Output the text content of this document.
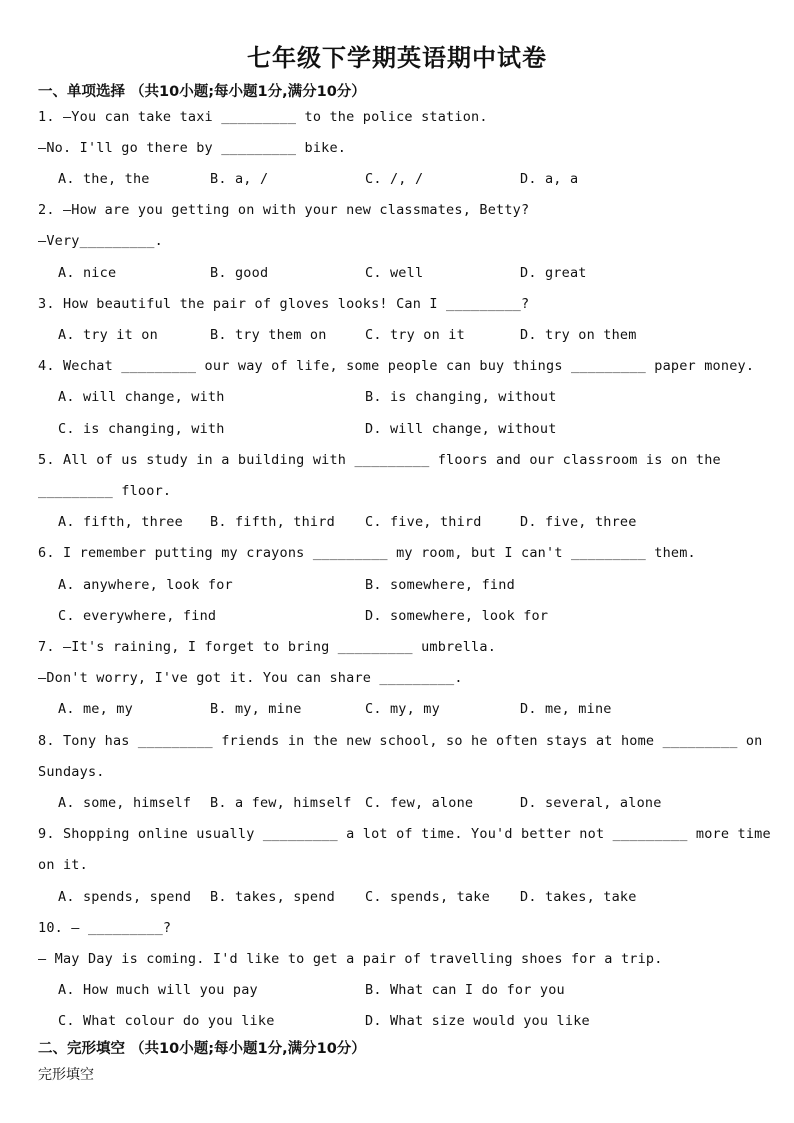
七年级下学期英语期中试卷
一、单项选择 （共10小题;每小题1分,满分10分）
1. —You can take taxi _________ to the police station.
—No. I'll go there by _________ bike.
A. the, the	B. a, /	C. /, /	D. a, a
2. —How are you getting on with your new classmates, Betty?
—Very_________.
A. nice	B. good	C. well	D. great
3. How beautiful the pair of gloves looks! Can I _________?
A. try it on	B. try them on	C. try on it	D. try on them
4. Wechat _________ our way of life, some people can buy things _________ paper money.
A. will change, with	B. is changing, without
C. is changing, with	D. will change, without
5. All of us study in a building with _________ floors and our classroom is on the
_________ floor.
A. fifth, three B. fifth, third C. five, third	D. five, three
6. I remember putting my crayons _________ my room, but I can't _________ them.
A. anywhere, look for	B. somewhere, find
C. everywhere, find	D. somewhere, look for
7. —It's raining, I forget to bring _________ umbrella.
—Don't worry, I've got it. You can share _________.
A. me, my	B. my, mine	C. my, my	D. me, mine
8. Tony has _________ friends in the new school, so he often stays at home _________ on
Sundays.
A. some, himself B. a few, himself C. few, alone	D. several, alone
9. Shopping online usually _________ a lot of time. You'd better not _________ more time
on it.
A. spends, spend B. takes, spend C. spends, take D. takes, take
10. — _________?
— May Day is coming. I'd like to get a pair of travelling shoes for a trip.
A. How much will you pay	B. What can I do for you
C. What colour do you like	D. What size would you like
二、完形填空 （共10小题;每小题1分,满分10分）
完形填空
